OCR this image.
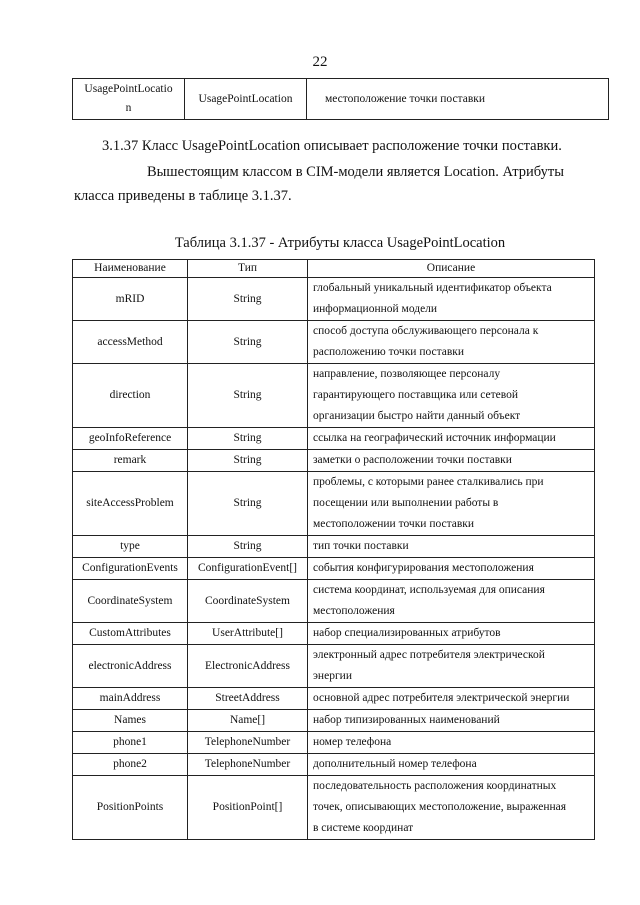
22
UsagePointLocatio
n	UsagePointLocation	местоположение точки поставки
3.1.37 Класс UsagePointLocation описывает расположение точки поставки.
Вышестоящим классом в CIM-модели является Location. Атрибуты
класса приведены в таблице 3.1.37.
Таблица 3.1.37 - Атрибуты класса UsagePointLocation
Наименование	Тип	Описание
mRID	String	глобальный уникальный идентификатор объекта
информационной модели

accessMethod	String	способ доступа обслуживающего персонала к
расположению точки поставки

direction	String	направление, позволяющее персоналу
гарантирующего поставщика или сетевой
организации быстро найти данный объект

geoInfoReference	String	ссылка на географический источник информации

remark	String	заметки о расположении точки поставки

siteAccessProblem	String	проблемы, с которыми ранее сталкивались при
посещении или выполнении работы в
местоположении точки поставки

type	String	тип точки поставки

ConfigurationEvents	ConfigurationEvent[]	события конфигурирования местоположения

CoordinateSystem	CoordinateSystem	система координат, используемая для описания
местоположения

CustomAttributes	UserAttribute[]	набор специализированных атрибутов

electronicAddress	ElectronicAddress	электронный адрес потребителя электрической
энергии

mainAddress	StreetAddress	основной адрес потребителя электрической энергии

Names	Name[]	набор типизированных наименований

phone1	TelephoneNumber	номер телефона

phone2	TelephoneNumber	дополнительный номер телефона

PositionPoints	PositionPoint[]	последовательность расположения координатных
точек, описывающих местоположение, выраженная
в системе координат
